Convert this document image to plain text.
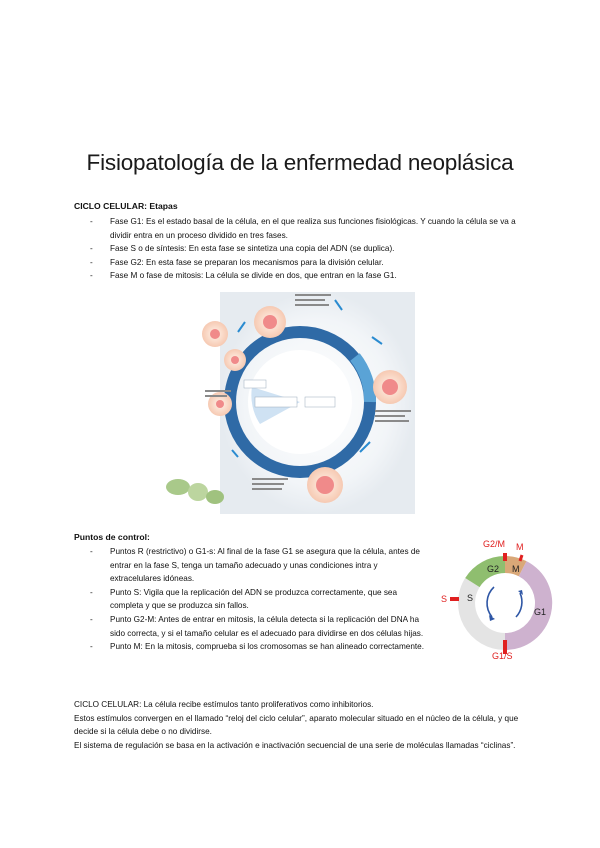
Fisiopatología de la enfermedad neoplásica
CICLO CELULAR: Etapas
- Fase G1: Es el estado basal de la célula, en el que realiza sus funciones fisiológicas. Y cuando la célula se va a dividir entra en un proceso dividido en tres fases.
- Fase S o de síntesis: En esta fase se sintetiza una copia del ADN (se duplica).
- Fase G2: En esta fase se preparan los mecanismos para la división celular.
- Fase M o fase de mitosis: La célula se divide en dos, que entran en la fase G1.
Puntos de control:
- Puntos R (restrictivo) o G1-s: Al final de la fase G1 se asegura que la célula, antes de entrar en la fase S, tenga un tamaño adecuado y unas condiciones intra y extracelulares idóneas.
- Punto S: Vigila que la replicación del ADN se produzca correctamente, que sea completa y que se produzca sin fallos.
- Punto G2-M: Antes de entrar en mitosis, la célula detecta si la replicación del DNA ha sido correcta, y si el tamaño celular es el adecuado para dividirse en dos células hijas.
- Punto M: En la mitosis, comprueba si los cromosomas se han alineado correctamente.
G2/M M
G2 M
S
G1
S
G1/S

CICLO CELULAR: La célula recibe estímulos tanto proliferativos como inhibitorios.

Estos estímulos convergen en el llamado “reloj del ciclo celular”, aparato molecular situado en el núcleo de la célula, y que decide si la célula debe o no dividirse.

El sistema de regulación se basa en la activación e inactivación secuencial de una serie de moléculas llamadas “ciclinas”.
